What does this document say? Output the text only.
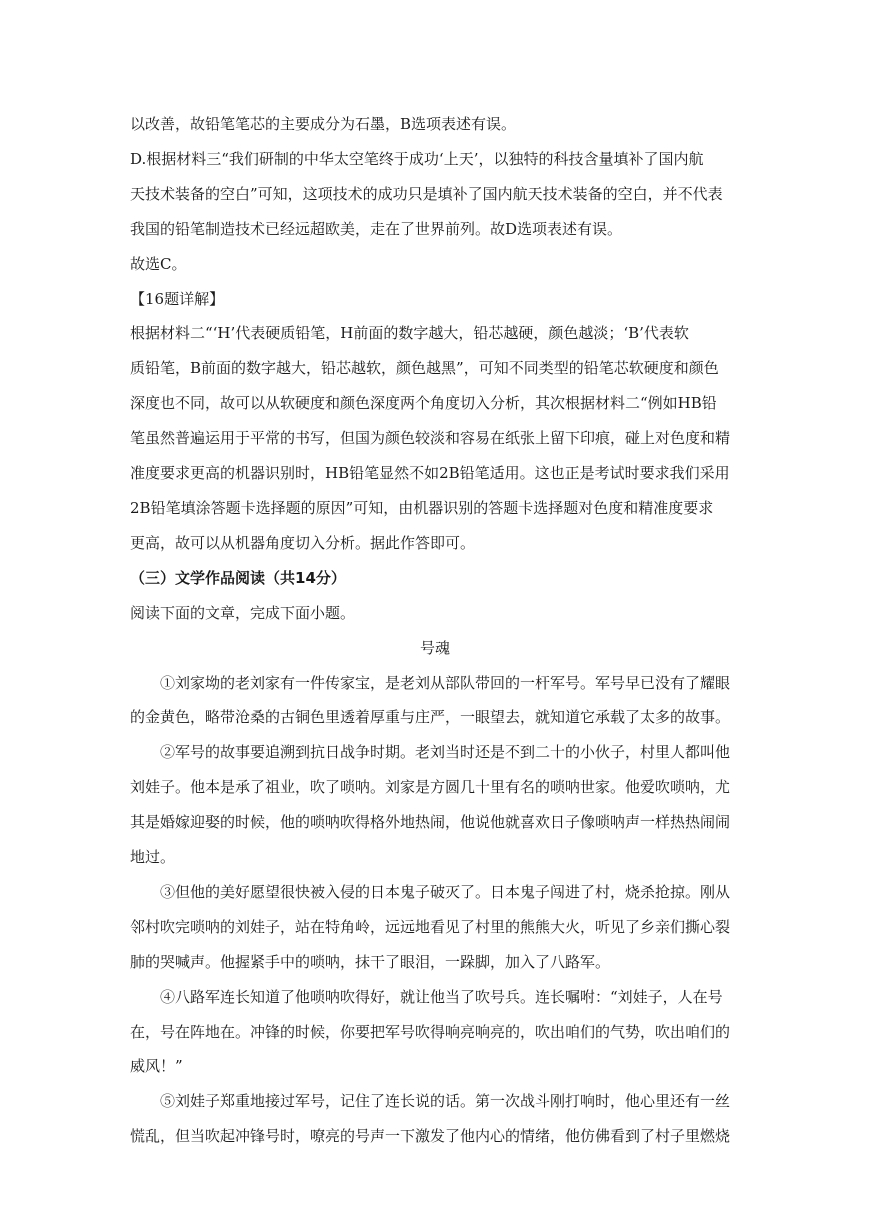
以改善，故铅笔笔芯的主要成分为石墨，B选项表述有误。

D.根据材料三“我们研制的中华太空笔终于成功‘上天’，以独特的科技含量填补了国内航

天技术装备的空白”可知，这项技术的成功只是填补了国内航天技术装备的空白，并不代表

我国的铅笔制造技术已经远超欧美，走在了世界前列。故D选项表述有误。

故选C。

【16题详解】

根据材料二“‘H’代表硬质铅笔，H前面的数字越大，铅芯越硬，颜色越淡；‘B’代表软

质铅笔，B前面的数字越大，铅芯越软，颜色越黑”，可知不同类型的铅笔芯软硬度和颜色

深度也不同，故可以从软硬度和颜色深度两个角度切入分析，其次根据材料二“例如HB铅

笔虽然普遍运用于平常的书写，但国为颜色较淡和容易在纸张上留下印痕，碰上对色度和精

准度要求更高的机器识别时，HB铅笔显然不如2B铅笔适用。这也正是考试时要求我们采用

2B铅笔填涂答题卡选择题的原因”可知，由机器识别的答题卡选择题对色度和精准度要求

更高，故可以从机器角度切入分析。据此作答即可。

（三）文学作品阅读（共14分）

阅读下面的文章，完成下面小题。

号魂

①刘家坳的老刘家有一件传家宝，是老刘从部队带回的一杆军号。军号早已没有了耀眼

的金黄色，略带沧桑的古铜色里透着厚重与庄严，一眼望去，就知道它承载了太多的故事。

②军号的故事要追溯到抗日战争时期。老刘当时还是不到二十的小伙子，村里人都叫他

刘娃子。他本是承了祖业，吹了唢呐。刘家是方圆几十里有名的唢呐世家。他爱吹唢呐，尤

其是婚嫁迎娶的时候，他的唢呐吹得格外地热闹，他说他就喜欢日子像唢呐声一样热热闹闹

地过。

③但他的美好愿望很快被入侵的日本鬼子破灭了。日本鬼子闯进了村，烧杀抢掠。刚从

邻村吹完唢呐的刘娃子，站在特角岭，远远地看见了村里的熊熊大火，听见了乡亲们撕心裂

肺的哭喊声。他握紧手中的唢呐，抹干了眼泪，一跺脚，加入了八路军。

④八路军连长知道了他唢呐吹得好，就让他当了吹号兵。连长嘱咐：“刘娃子，人在号

在，号在阵地在。冲锋的时候，你要把军号吹得响亮响亮的，吹出咱们的气势，吹出咱们的

威风！”

⑤刘娃子郑重地接过军号，记住了连长说的话。第一次战斗刚打响时，他心里还有一丝

慌乱，但当吹起冲锋号时，嘹亮的号声一下激发了他内心的情绪，他仿佛看到了村子里燃烧
